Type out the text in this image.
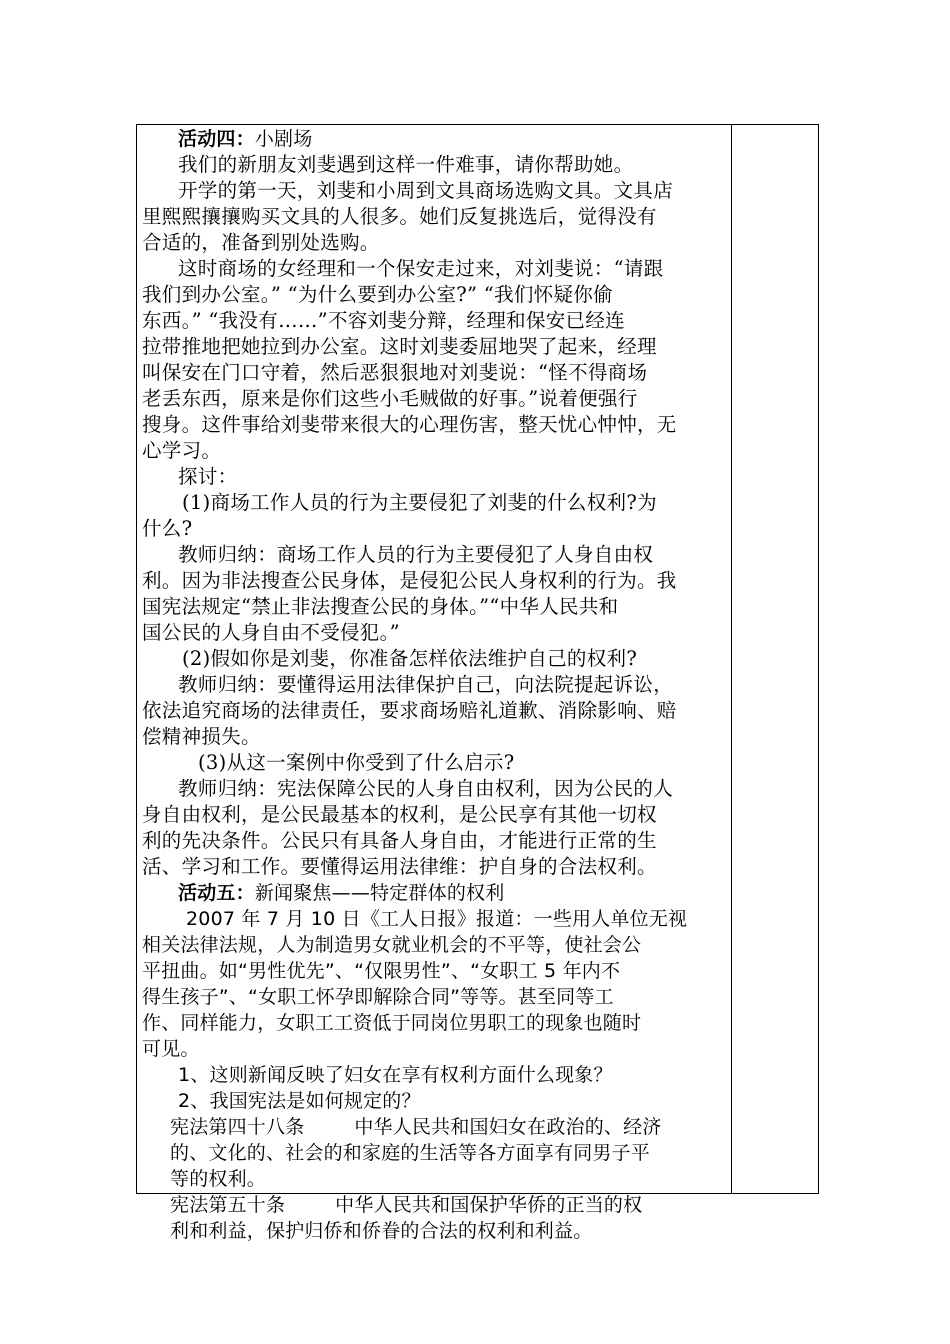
活动四：小剧场
我们的新朋友刘斐遇到这样一件难事，请你帮助她。
开学的第一天，刘斐和小周到文具商场选购文具。文具店
里熙熙攘攘购买文具的人很多。她们反复挑选后，觉得没有
合适的，准备到别处选购。
这时商场的女经理和一个保安走过来，对刘斐说：“请跟
我们到办公室。” “为什么要到办公室?” “我们怀疑你偷
东西。” “我没有……”不容刘斐分辩，经理和保安已经连
拉带推地把她拉到办公室。这时刘斐委屈地哭了起来，经理
叫保安在门口守着，然后恶狠狠地对刘斐说：“怪不得商场
老丢东西，原来是你们这些小毛贼做的好事。”说着便强行
搜身。这件事给刘斐带来很大的心理伤害，整天忧心忡忡，无
心学习。
探讨：
(1)商场工作人员的行为主要侵犯了刘斐的什么权利?为
什么?
教师归纳：商场工作人员的行为主要侵犯了人身自由权
利。因为非法搜查公民身体，是侵犯公民人身权利的行为。我
国宪法规定“禁止非法搜查公民的身体。”“中华人民共和
国公民的人身自由不受侵犯。”
(2)假如你是刘斐，你准备怎样依法维护自己的权利?
教师归纳：要懂得运用法律保护自己，向法院提起诉讼，
依法追究商场的法律责任，要求商场赔礼道歉、消除影响、赔
偿精神损失。
(3)从这一案例中你受到了什么启示?
教师归纳：宪法保障公民的人身自由权利，因为公民的人
身自由权利，是公民最基本的权利，是公民享有其他一切权
利的先决条件。公民只有具备人身自由，才能进行正常的生
活、学习和工作。要懂得运用法律维：护自身的合法权利。
活动五：新闻聚焦——特定群体的权利
2007 年 7 月 10 日《工人日报》报道：一些用人单位无视
相关法律法规，人为制造男女就业机会的不平等，使社会公
平扭曲。如“男性优先”、“仅限男性”、“女职工 5 年内不
得生孩子”、“女职工怀孕即解除合同”等等。甚至同等工
作、同样能力，女职工工资低于同岗位男职工的现象也随时
可见。
1、这则新闻反映了妇女在享有权利方面什么现象？
2、我国宪法是如何规定的？
宪法第四十八条        中华人民共和国妇女在政治的、经济
的、文化的、社会的和家庭的生活等各方面享有同男子平
等的权利。
宪法第五十条        中华人民共和国保护华侨的正当的权
利和利益，保护归侨和侨眷的合法的权利和利益。
